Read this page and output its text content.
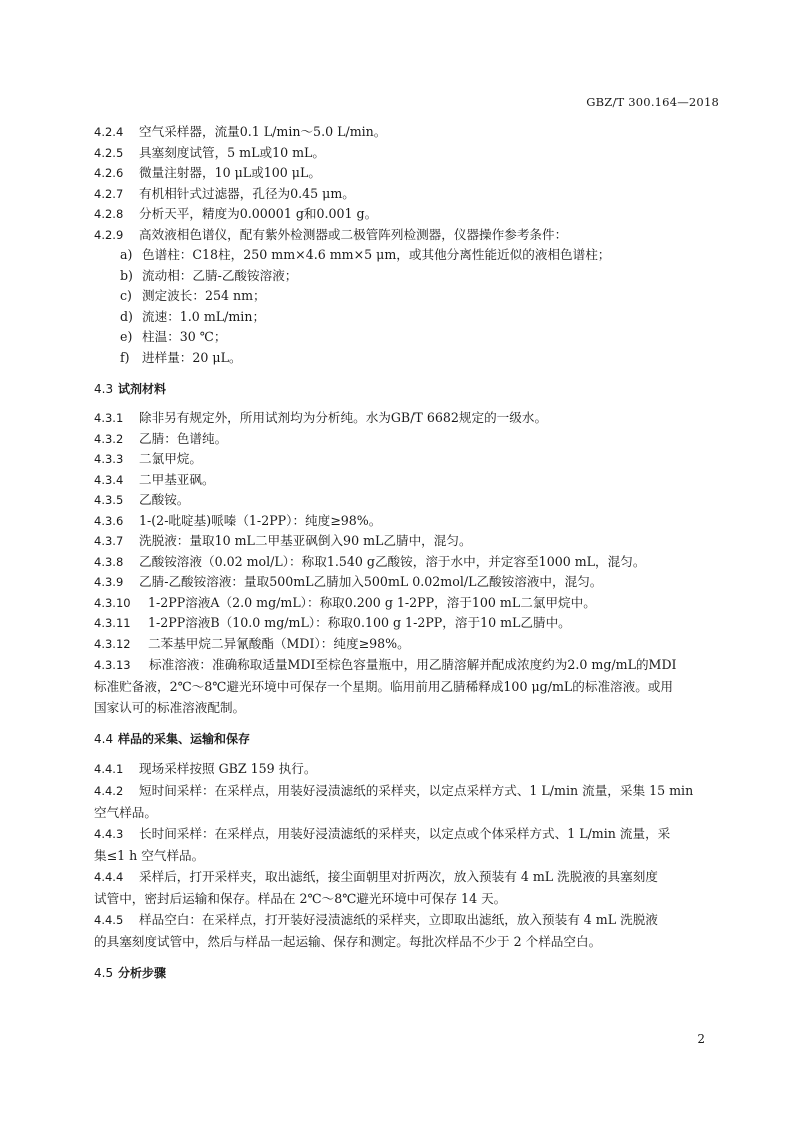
GBZ/T 300.164—2018
4.2.4 空气采样器，流量0.1 L/min～5.0 L/min。
4.2.5 具塞刻度试管，5 mL或10 mL。
4.2.6 微量注射器，10 μL或100 μL。
4.2.7 有机相针式过滤器，孔径为0.45 μm。
4.2.8 分析天平，精度为0.00001 g和0.001 g。
4.2.9 高效液相色谱仪，配有紫外检测器或二极管阵列检测器，仪器操作参考条件：
a) 色谱柱：C18柱，250 mm×4.6 mm×5 μm，或其他分离性能近似的液相色谱柱；
b) 流动相：乙腈-乙酸铵溶液；
c) 测定波长：254 nm；
d) 流速：1.0 mL/min；
e) 柱温：30 ℃；
f) 进样量：20 μL。
4.3 试剂材料
4.3.1 除非另有规定外，所用试剂均为分析纯。水为GB/T 6682规定的一级水。
4.3.2 乙腈：色谱纯。
4.3.3 二氯甲烷。
4.3.4 二甲基亚砜。
4.3.5 乙酸铵。
4.3.6 1-(2-吡啶基)哌嗪（1-2PP）：纯度≥98%。
4.3.7 洗脱液：量取10 mL二甲基亚砜倒入90 mL乙腈中，混匀。
4.3.8 乙酸铵溶液（0.02 mol/L）：称取1.540 g乙酸铵，溶于水中，并定容至1000 mL，混匀。
4.3.9 乙腈-乙酸铵溶液：量取500mL乙腈加入500mL 0.02mol/L乙酸铵溶液中，混匀。
4.3.10 1-2PP溶液A（2.0 mg/mL）：称取0.200 g 1-2PP，溶于100 mL二氯甲烷中。
4.3.11 1-2PP溶液B（10.0 mg/mL）：称取0.100 g 1-2PP，溶于10 mL乙腈中。
4.3.12 二苯基甲烷二异氰酸酯（MDI）：纯度≥98%。
4.3.13 标准溶液：准确称取适量MDI至棕色容量瓶中，用乙腈溶解并配成浓度约为2.0 mg/mL的MDI
标准贮备液，2℃～8℃避光环境中可保存一个星期。临用前用乙腈稀释成100 μg/mL的标准溶液。或用
国家认可的标准溶液配制。
4.4 样品的采集、运输和保存
4.4.1 现场采样按照 GBZ 159 执行。
4.4.2 短时间采样：在采样点，用装好浸渍滤纸的采样夹，以定点采样方式、1 L/min 流量，采集 15 min
空气样品。
4.4.3 长时间采样：在采样点，用装好浸渍滤纸的采样夹，以定点或个体采样方式、1 L/min 流量，采
集≤1 h 空气样品。
4.4.4 采样后，打开采样夹，取出滤纸，接尘面朝里对折两次，放入预装有 4 mL 洗脱液的具塞刻度
试管中，密封后运输和保存。样品在 2℃～8℃避光环境中可保存 14 天。
4.4.5 样品空白：在采样点，打开装好浸渍滤纸的采样夹，立即取出滤纸，放入预装有 4 mL 洗脱液
的具塞刻度试管中，然后与样品一起运输、保存和测定。每批次样品不少于 2 个样品空白。
4.5 分析步骤
2
